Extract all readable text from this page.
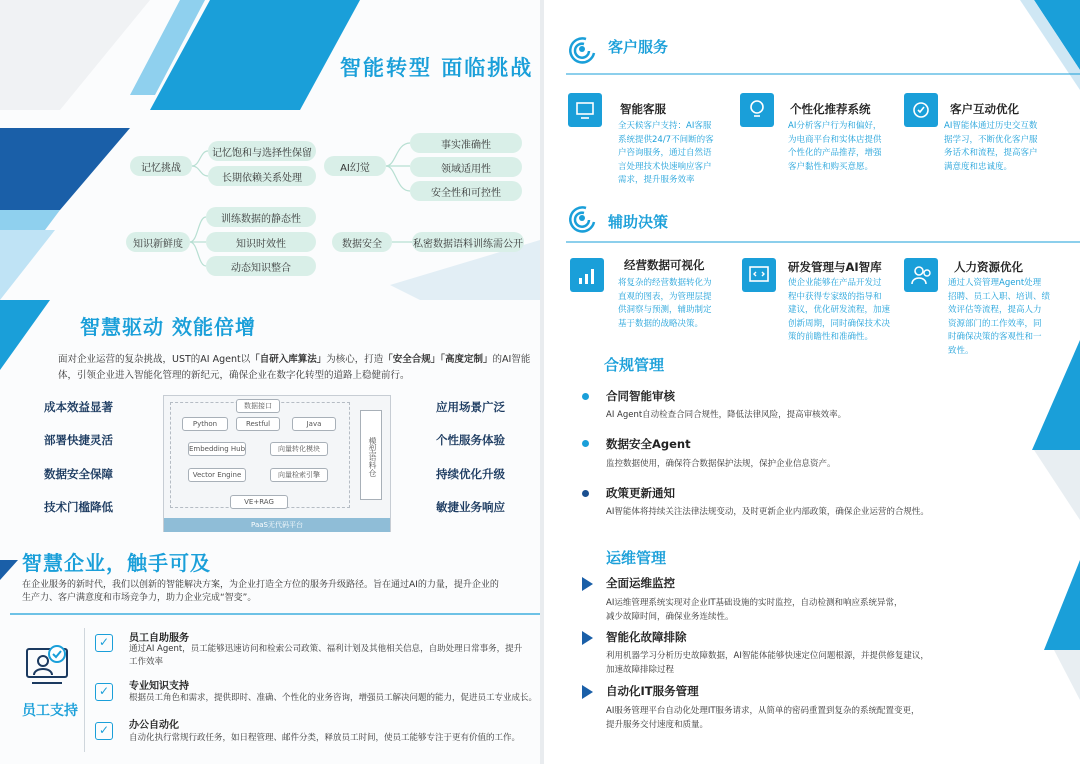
智能转型 面临挑战
记忆挑战
记忆饱和与选择性保留
长期依赖关系处理
AI幻觉
事实准确性
领域适用性
安全性和可控性
知识新鲜度
训练数据的静态性
知识时效性
动态知识整合
数据安全	私密数据语料训练需公开
智慧驱动 效能倍增
面对企业运营的复杂挑战，UST的AI Agent以「自研入库算法」为核心，打造「安全合规」「高度定制」的AI智能
体，引领企业进入智能化管理的新纪元，确保企业在数字化转型的道路上稳健前行。
成本效益显著
部署快捷灵活
数据安全保障
技术门槛降低
应用场景广泛
个性服务体验
持续优化升级
敏捷业务响应
数据接口
Python	Restful	Java
Embedding Hub	向量转化模块
Vector Engine	向量检索引擎
VE+RAG
模型语料仓
PaaS无代码平台
智慧企业，触手可及
在企业服务的新时代，我们以创新的智能解决方案，为企业打造全方位的服务升级路径。旨在通过AI的力量，提升企业的
生产力、客户满意度和市场竞争力，助力企业完成“智变”。
员工支持
✓	员工自助服务
通过AI Agent，员工能够迅速访问和检索公司政策、福利计划及其他相关信息，自助处理日常事务，提升
工作效率
✓	专业知识支持
根据员工角色和需求，提供即时、准确、个性化的业务咨询，增强员工解决问题的能力，促进员工专业成长。
✓	办公自动化
自动化执行常规行政任务，如日程管理、邮件分类，释放员工时间，使员工能够专注于更有价值的工作。
客户服务
智能客服
全天候客户支持：AI客服
系统提供24/7不间断的客
户咨询服务，通过自然语
言处理技术快速响应客户
需求，提升服务效率
个性化推荐系统
AI分析客户行为和偏好，
为电商平台和实体店提供
个性化的产品推荐，增强
客户黏性和购买意愿。
客户互动优化
AI智能体通过历史交互数
据学习，不断优化客户服
务话术和流程，提高客户
满意度和忠诚度。
辅助决策
经营数据可视化
将复杂的经营数据转化为
直观的图表，为管理层提
供洞察与预测，辅助制定
基于数据的战略决策。
研发管理与AI智库
使企业能够在产品开发过
程中获得专家级的指导和
建议，优化研发流程，加速
创新周期，同时确保技术决
策的前瞻性和准确性。
人力资源优化
通过人资管理Agent处理
招聘、员工入职、培训、绩
效评估等流程，提高人力
资源部门的工作效率，同
时确保决策的客观性和一
致性。
合规管理
合同智能审核
AI Agent自动检查合同合规性，降低法律风险，提高审核效率。
数据安全Agent
监控数据使用，确保符合数据保护法规，保护企业信息资产。
政策更新通知
AI智能体将持续关注法律法规变动，及时更新企业内部政策，确保企业运营的合规性。
运维管理
全面运维监控
AI运维管理系统实现对企业IT基础设施的实时监控，自动检测和响应系统异常，
减少故障时间，确保业务连续性。
智能化故障排除
利用机器学习分析历史故障数据，AI智能体能够快速定位问题根源，并提供修复建议，
加速故障排除过程
自动化IT服务管理
AI服务管理平台自动化处理IT服务请求，从简单的密码重置到复杂的系统配置变更，
提升服务交付速度和质量。
